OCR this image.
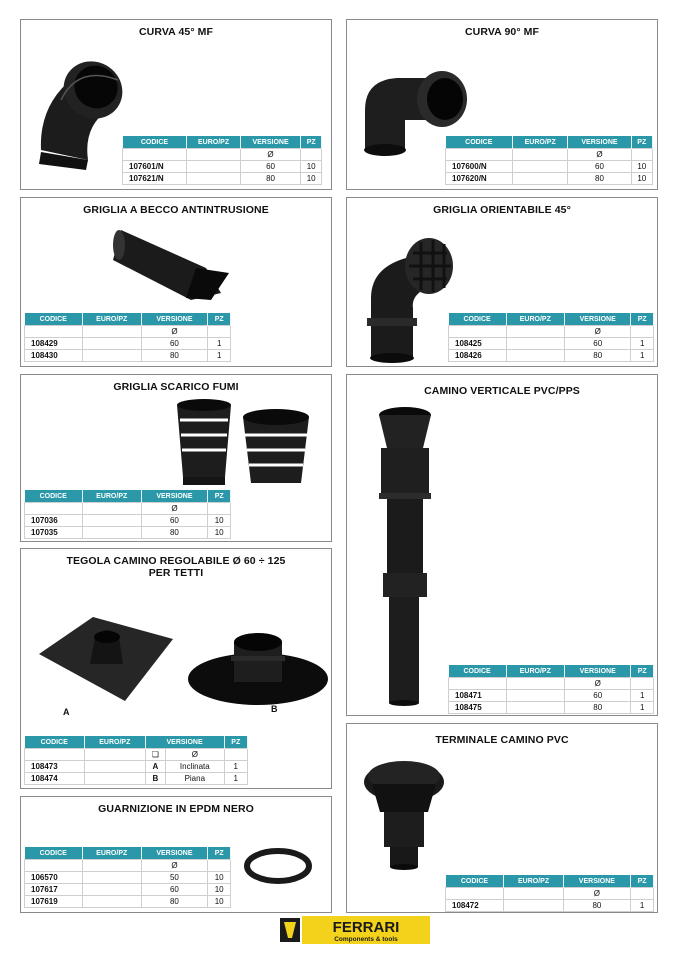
CURVA 45° MF
CODICE	EURO/PZ	VERSIONE	PZ
		Ø	
107601/N		60	10
107621/N		80	10
CURVA 90° MF
CODICE	EURO/PZ	VERSIONE	PZ
		Ø	
107600/N		60	10
107620/N		80	10
GRIGLIA A BECCO ANTINTRUSIONE
CODICE	EURO/PZ	VERSIONE	PZ
		Ø	
108429		60	1
108430		80	1
GRIGLIA ORIENTABILE 45°
CODICE	EURO/PZ	VERSIONE	PZ
		Ø	
108425		60	1
108426		80	1
GRIGLIA SCARICO FUMI
CODICE	EURO/PZ	VERSIONE	PZ
		Ø	
107036		60	10
107035		80	10
CAMINO VERTICALE PVC/PPS
CODICE	EURO/PZ	VERSIONE	PZ
		Ø	
108471		60	1
108475		80	1
TEGOLA CAMINO REGOLABILE Ø 60 ÷ 125
PER TETTI
A	B
CODICE	EURO/PZ	VERSIONE		PZ
		❏	Ø	
108473		A	Inclinata	1
108474		B	Piana	1
TERMINALE CAMINO PVC
CODICE	EURO/PZ	VERSIONE	PZ
		Ø	
108472		80	1
GUARNIZIONE IN EPDM NERO
CODICE	EURO/PZ	VERSIONE	PZ
		Ø	
106570		50	10
107617		60	10
107619		80	10
FERRARI
Components & tools
